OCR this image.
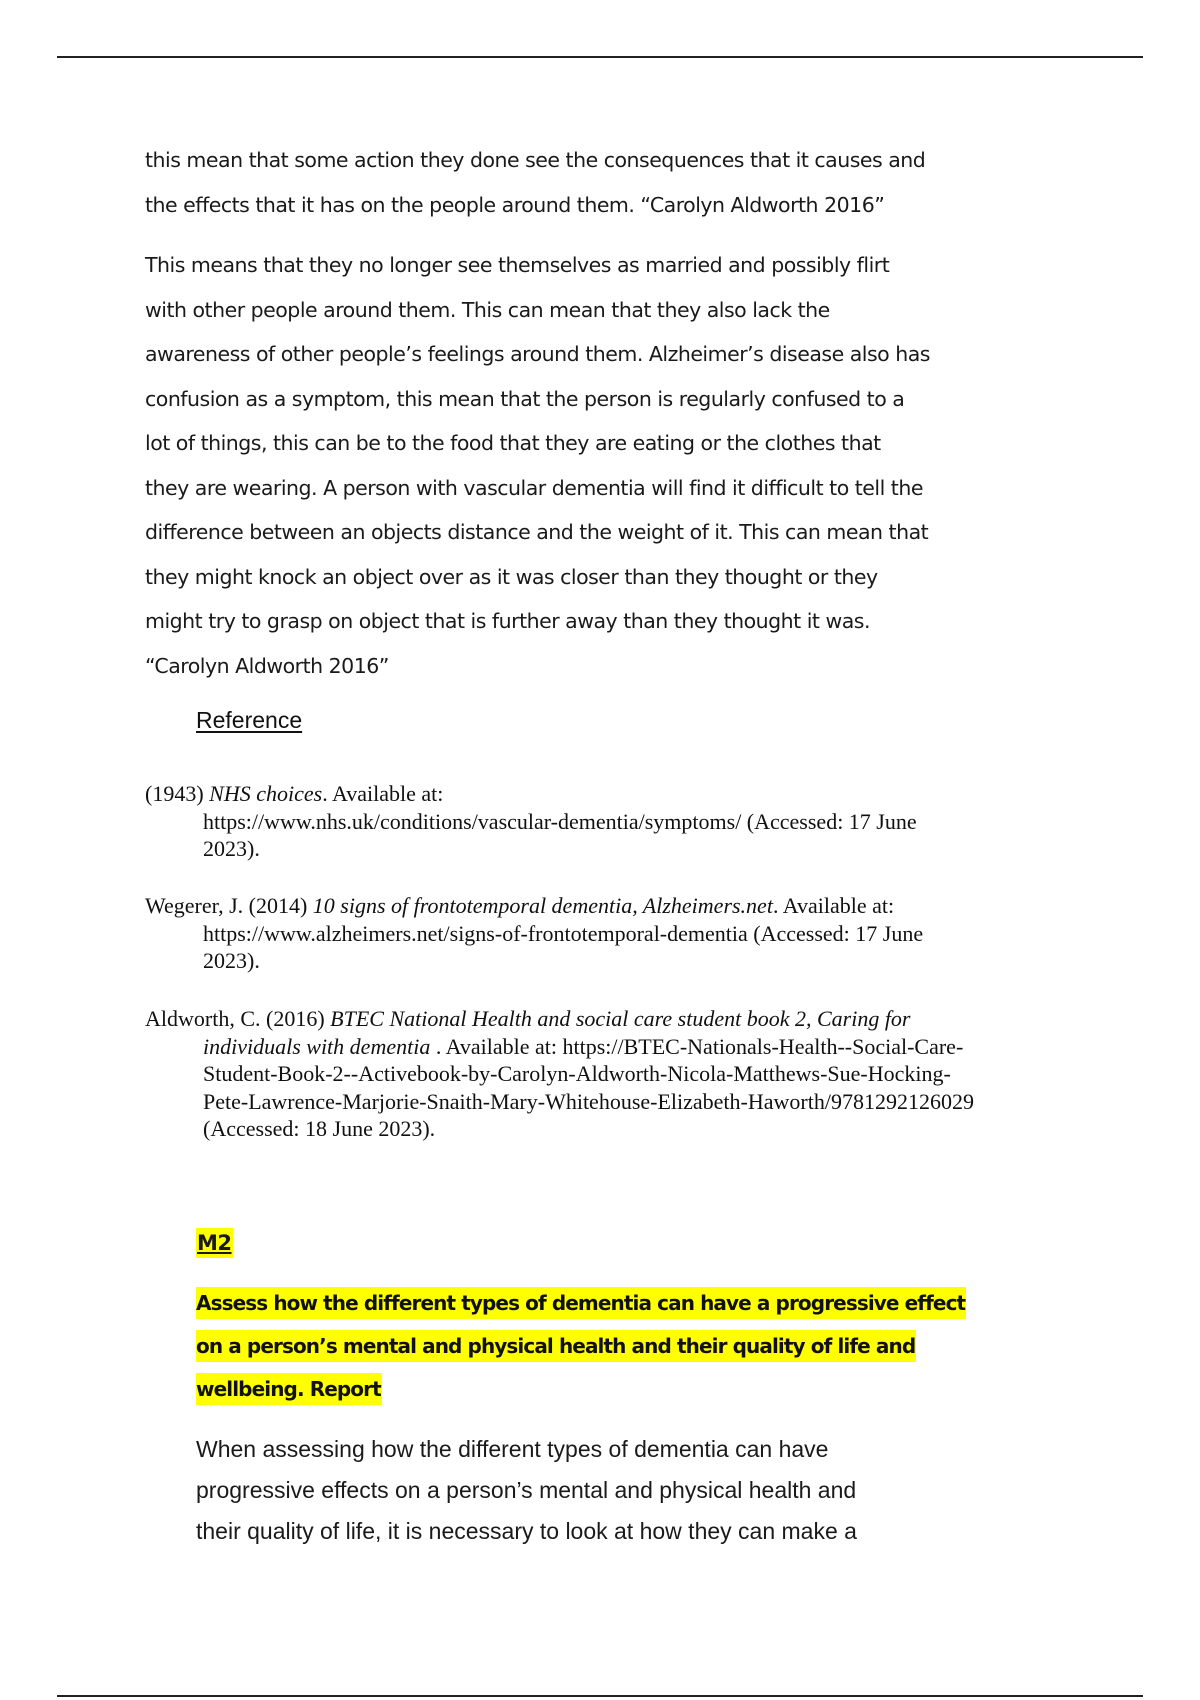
this mean that some action they done see the consequences that it causes and
the effects that it has on the people around them. “Carolyn Aldworth 2016”
This means that they no longer see themselves as married and possibly flirt
with other people around them. This can mean that they also lack the
awareness of other people’s feelings around them. Alzheimer’s disease also has
confusion as a symptom, this mean that the person is regularly confused to a
lot of things, this can be to the food that they are eating or the clothes that
they are wearing. A person with vascular dementia will find it difficult to tell the
difference between an objects distance and the weight of it. This can mean that
they might knock an object over as it was closer than they thought or they
might try to grasp on object that is further away than they thought it was.
“Carolyn Aldworth 2016”
Reference
(1943) NHS choices. Available at:
https://www.nhs.uk/conditions/vascular-dementia/symptoms/ (Accessed: 17 June
2023).
Wegerer, J. (2014) 10 signs of frontotemporal dementia, Alzheimers.net. Available at:
https://www.alzheimers.net/signs-of-frontotemporal-dementia (Accessed: 17 June
2023).
Aldworth, C. (2016) BTEC National Health and social care student book 2, Caring for
individuals with dementia . Available at: https://BTEC-Nationals-Health--Social-Care-
Student-Book-2--Activebook-by-Carolyn-Aldworth-Nicola-Matthews-Sue-Hocking-
Pete-Lawrence-Marjorie-Snaith-Mary-Whitehouse-Elizabeth-Haworth/9781292126029
(Accessed: 18 June 2023).
M2
Assess how the different types of dementia can have a progressive effect
on a person’s mental and physical health and their quality of life and
wellbeing. Report
When assessing how the different types of dementia can have
progressive effects on a person’s mental and physical health and
their quality of life, it is necessary to look at how they can make a
